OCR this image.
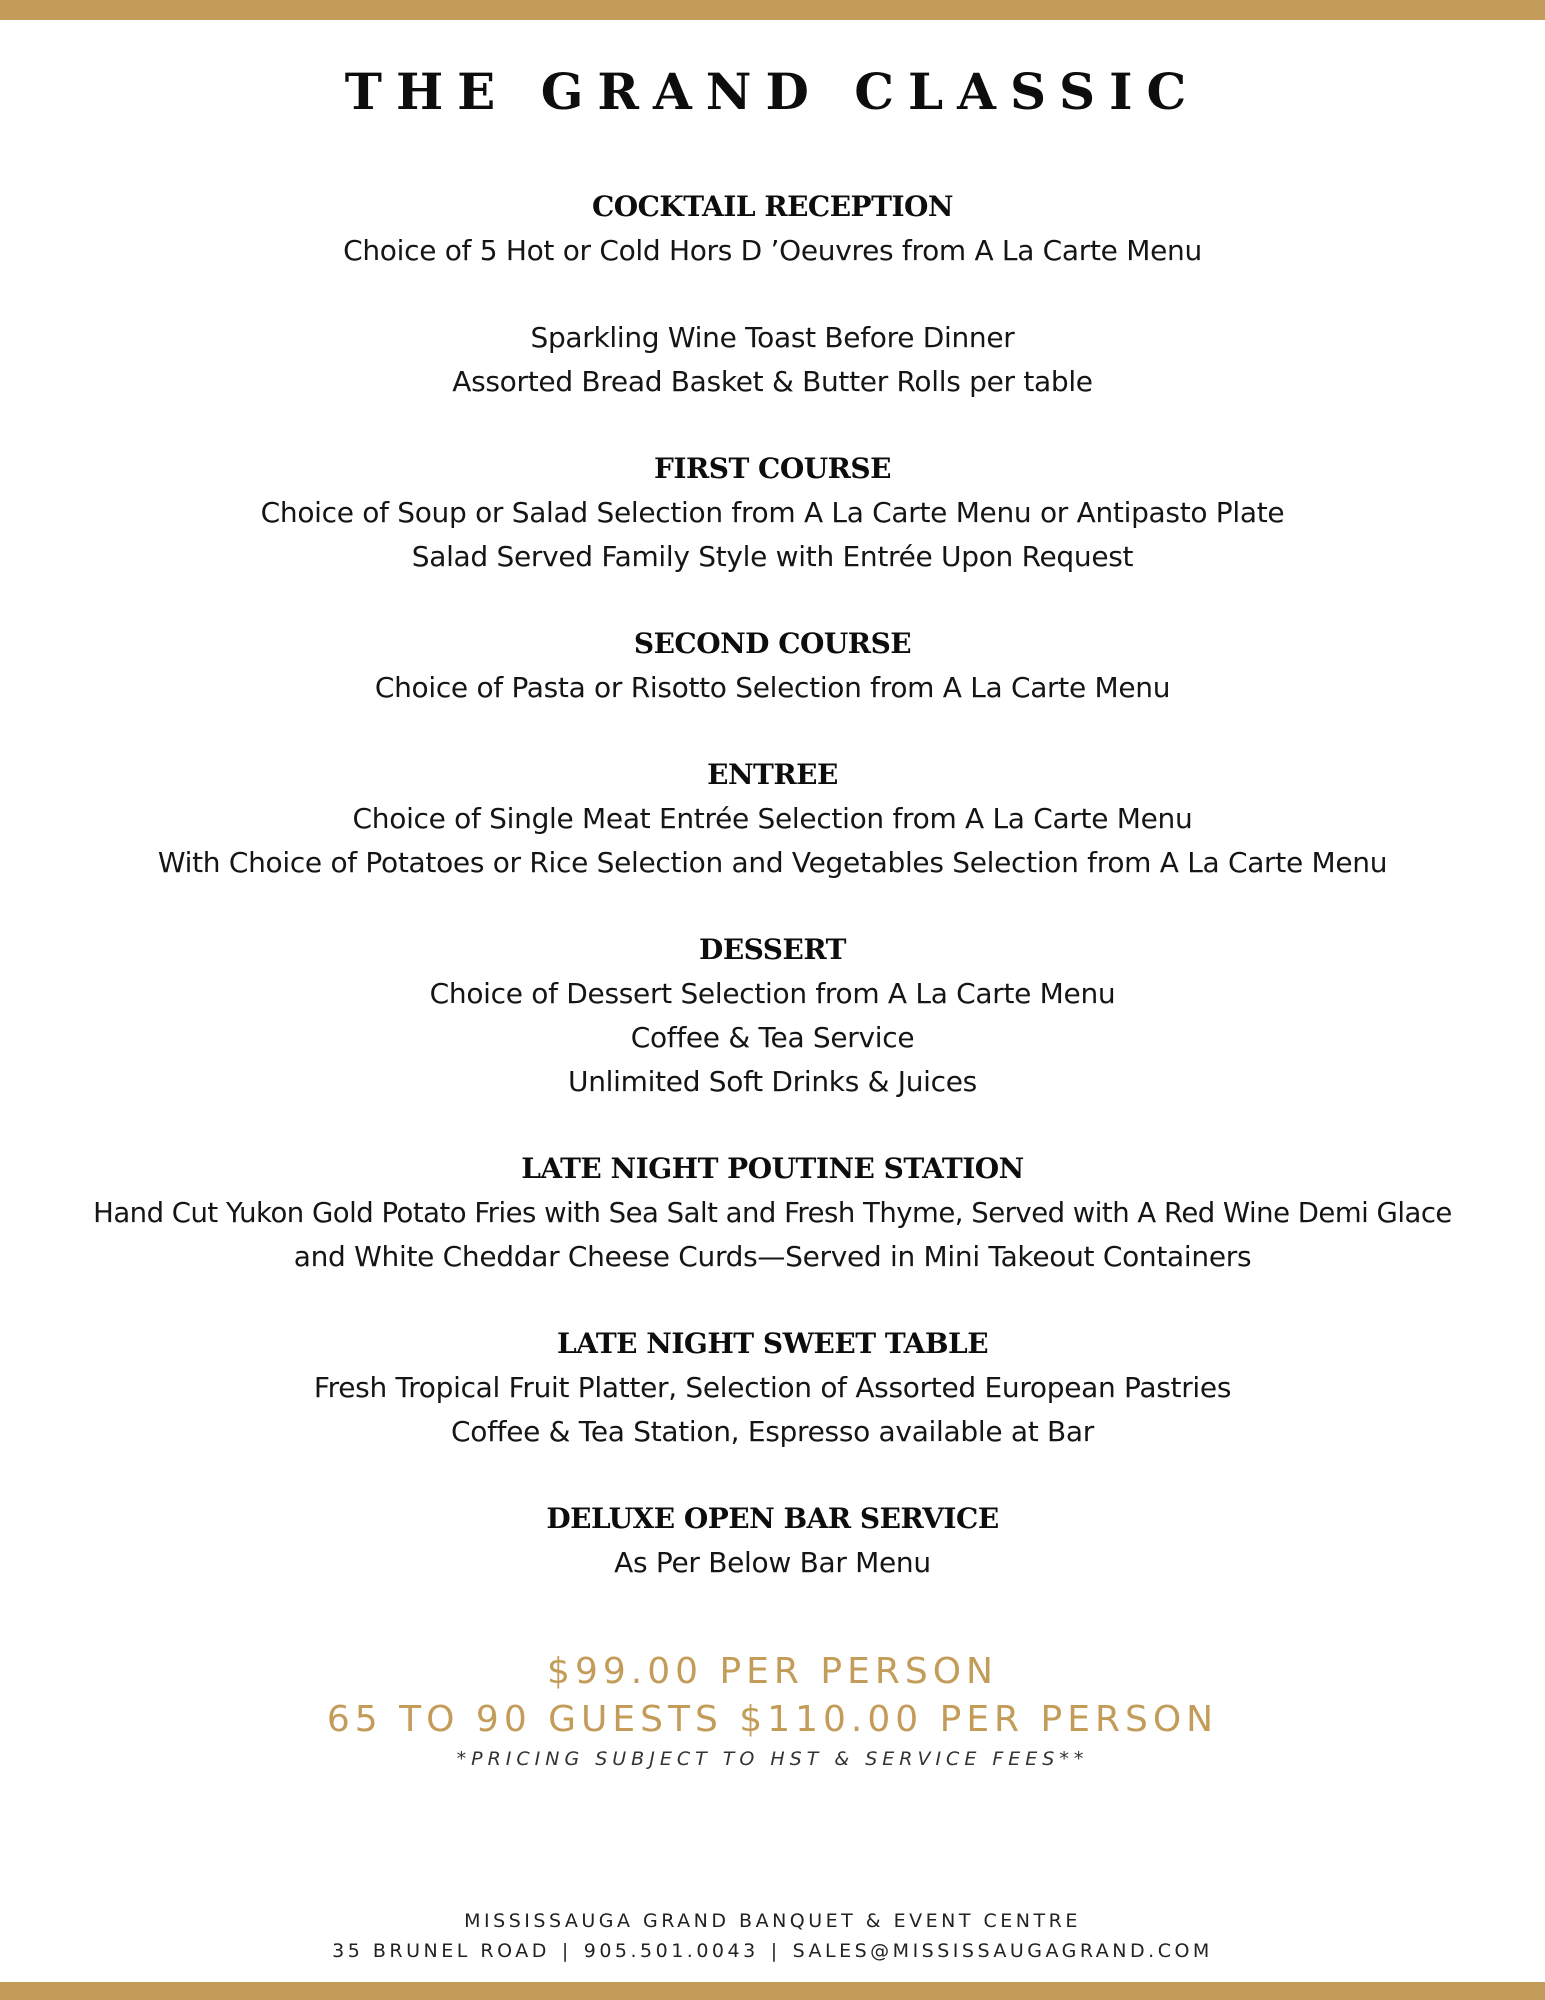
THE GRAND CLASSIC
COCKTAIL RECEPTION
Choice of 5 Hot or Cold Hors D ’Oeuvres from A La Carte Menu
Sparkling Wine Toast Before Dinner
Assorted Bread Basket & Butter Rolls per table
FIRST COURSE
Choice of Soup or Salad Selection from A La Carte Menu or Antipasto Plate
Salad Served Family Style with Entrée Upon Request
SECOND COURSE
Choice of Pasta or Risotto Selection from A La Carte Menu
ENTREE
Choice of Single Meat Entrée Selection from A La Carte Menu
With Choice of Potatoes or Rice Selection and Vegetables Selection from A La Carte Menu
DESSERT
Choice of Dessert Selection from A La Carte Menu
Coffee & Tea Service
Unlimited Soft Drinks & Juices
LATE NIGHT POUTINE STATION
Hand Cut Yukon Gold Potato Fries with Sea Salt and Fresh Thyme, Served with A Red Wine Demi Glace
and White Cheddar Cheese Curds—Served in Mini Takeout Containers
LATE NIGHT SWEET TABLE
Fresh Tropical Fruit Platter, Selection of Assorted European Pastries
Coffee & Tea Station, Espresso available at Bar
DELUXE OPEN BAR SERVICE
As Per Below Bar Menu
$99.00 PER PERSON
65 TO 90 GUESTS $110.00 PER PERSON
*PRICING SUBJECT TO HST & SERVICE FEES**
MISSISSAUGA GRAND BANQUET & EVENT CENTRE
35 BRUNEL ROAD | 905.501.0043 | SALES@MISSISSAUGAGRAND.COM
